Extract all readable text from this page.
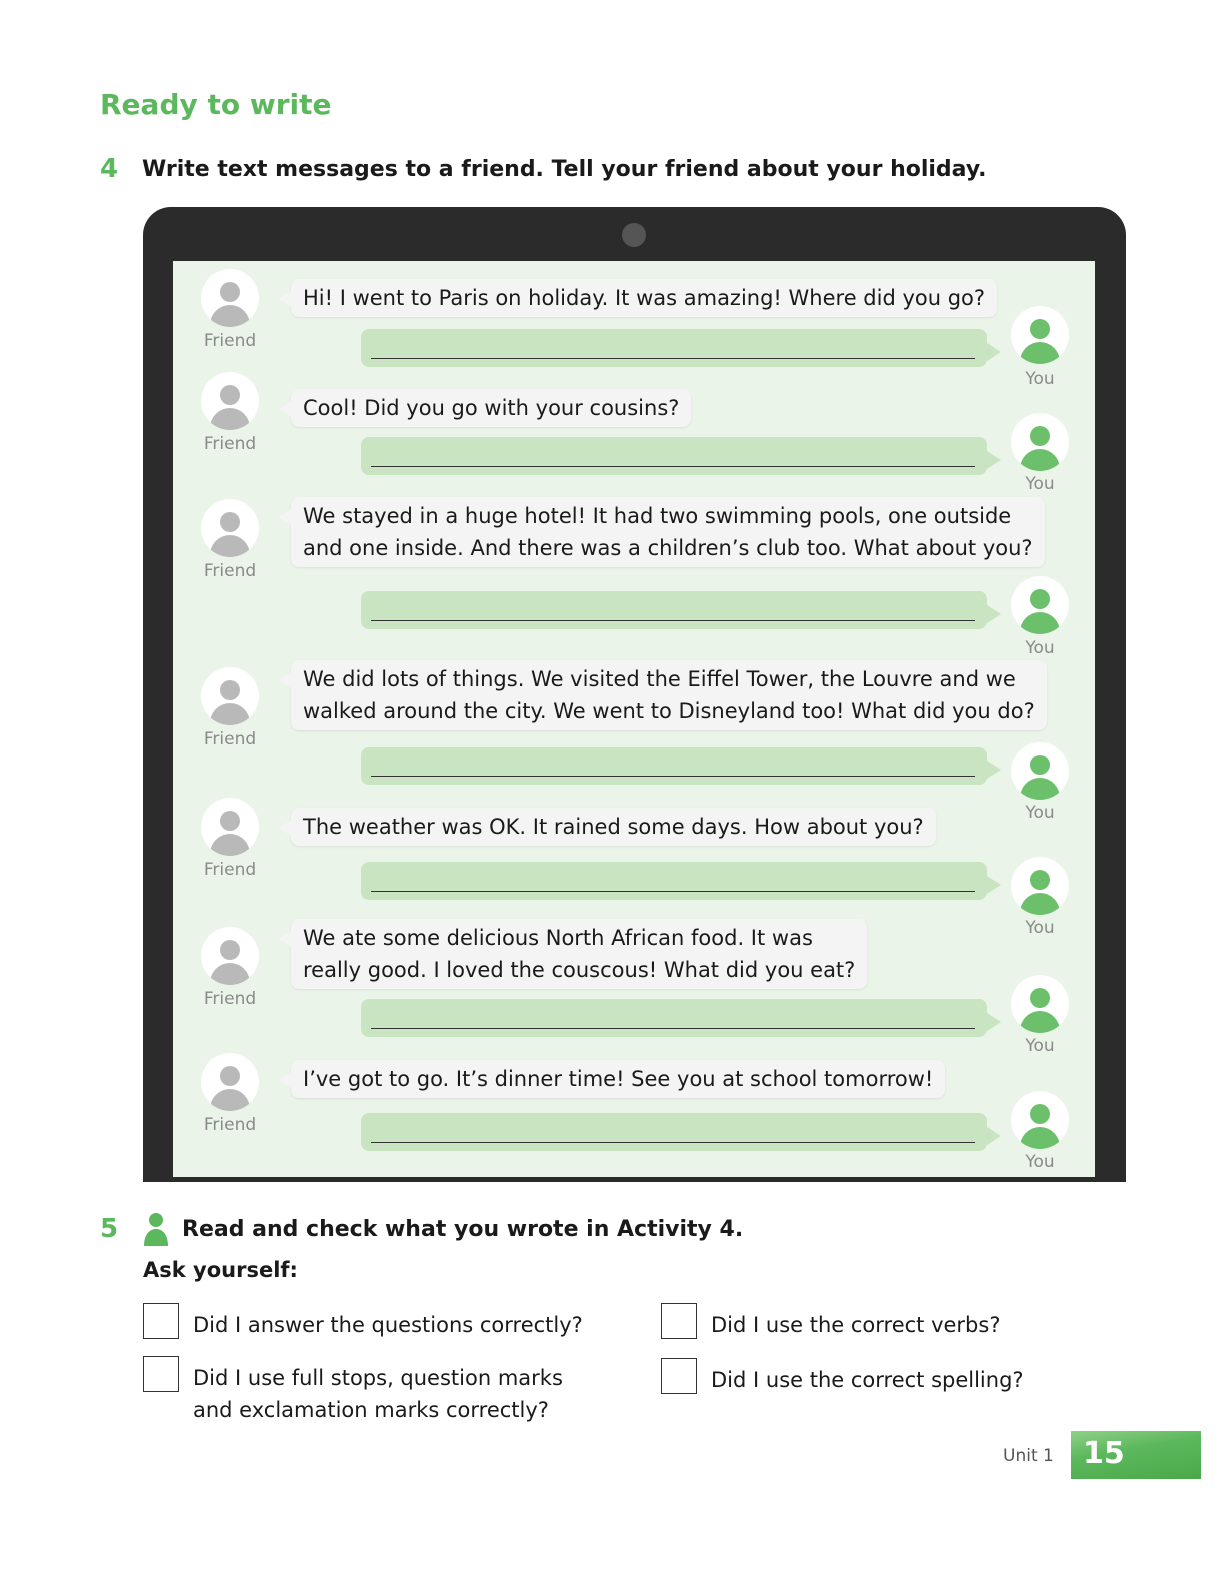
Ready to write
4	Write text messages to a friend. Tell your friend about your holiday.
Friend
Hi! I went to Paris on holiday. It was amazing! Where did you go?
You
Friend
Cool! Did you go with your cousins?
You
Friend
We stayed in a huge hotel! It had two swimming pools, one outside
and one inside. And there was a children’s club too. What about you?
You
Friend
We did lots of things. We visited the Eiffel Tower, the Louvre and we
walked around the city. We went to Disneyland too! What did you do?
You
Friend
The weather was OK. It rained some days. How about you?
You
Friend
We ate some delicious North African food. It was
really good. I loved the couscous! What did you eat?
You
Friend
I’ve got to go. It’s dinner time! See you at school tomorrow!
You
5	Read and check what you wrote in Activity 4.

Ask yourself:

Did I answer the questions correctly?	Did I use the correct verbs?
Did I use full stops, question marks
and exclamation marks correctly?
Did I use the correct spelling?
Unit 1 15
